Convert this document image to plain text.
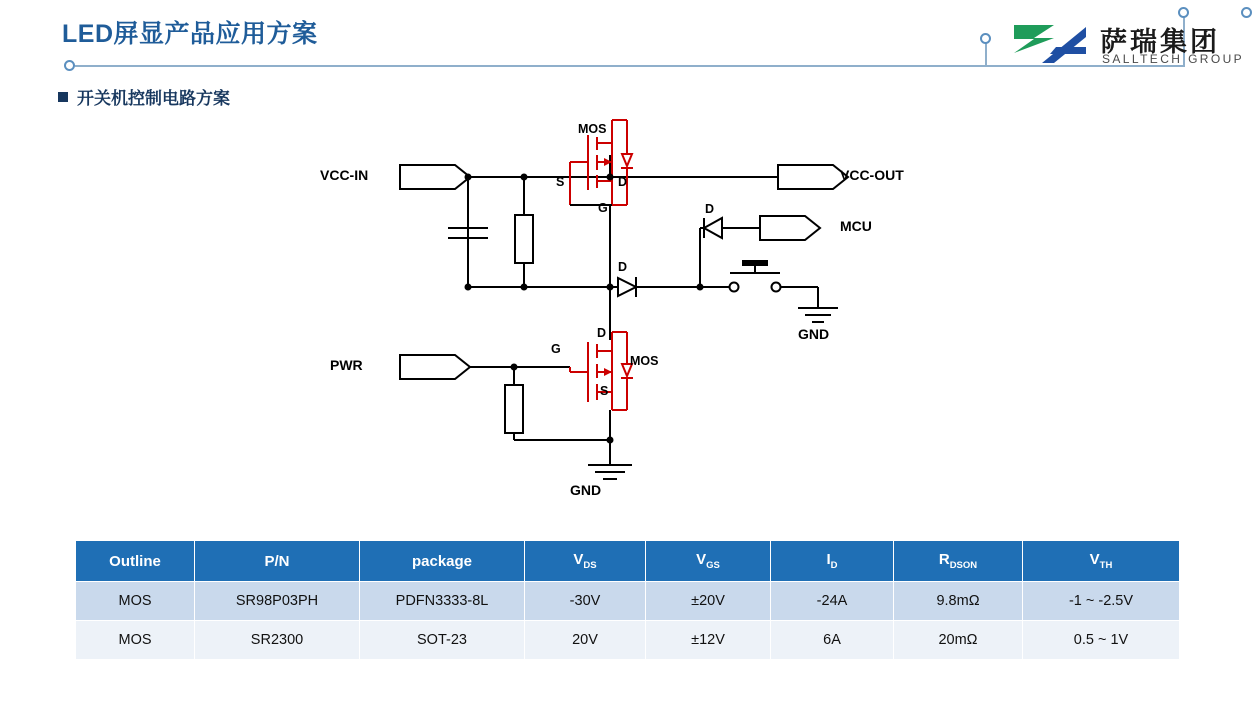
LED屏显产品应用方案	萨瑞集团
SALLTECH GROUP
开关机控制电路方案
VCC-IN	VCC-OUT
MCU
PWR
GND
GND
MOS
MOS
S	D
G
D
G
S
D
D
Outline	P/N	package	$V_{DS}$	$V_{GS}$	$I_D$	$R_{DSON}$	$V_{TH}$
MOS	SR98P03PH	PDFN3333-8L	-30V	±20V	-24A	9.8mΩ	-1 ~ -2.5V
MOS	SR2300	SOT-23	20V	±12V	6A	20mΩ	0.5 ~ 1V
